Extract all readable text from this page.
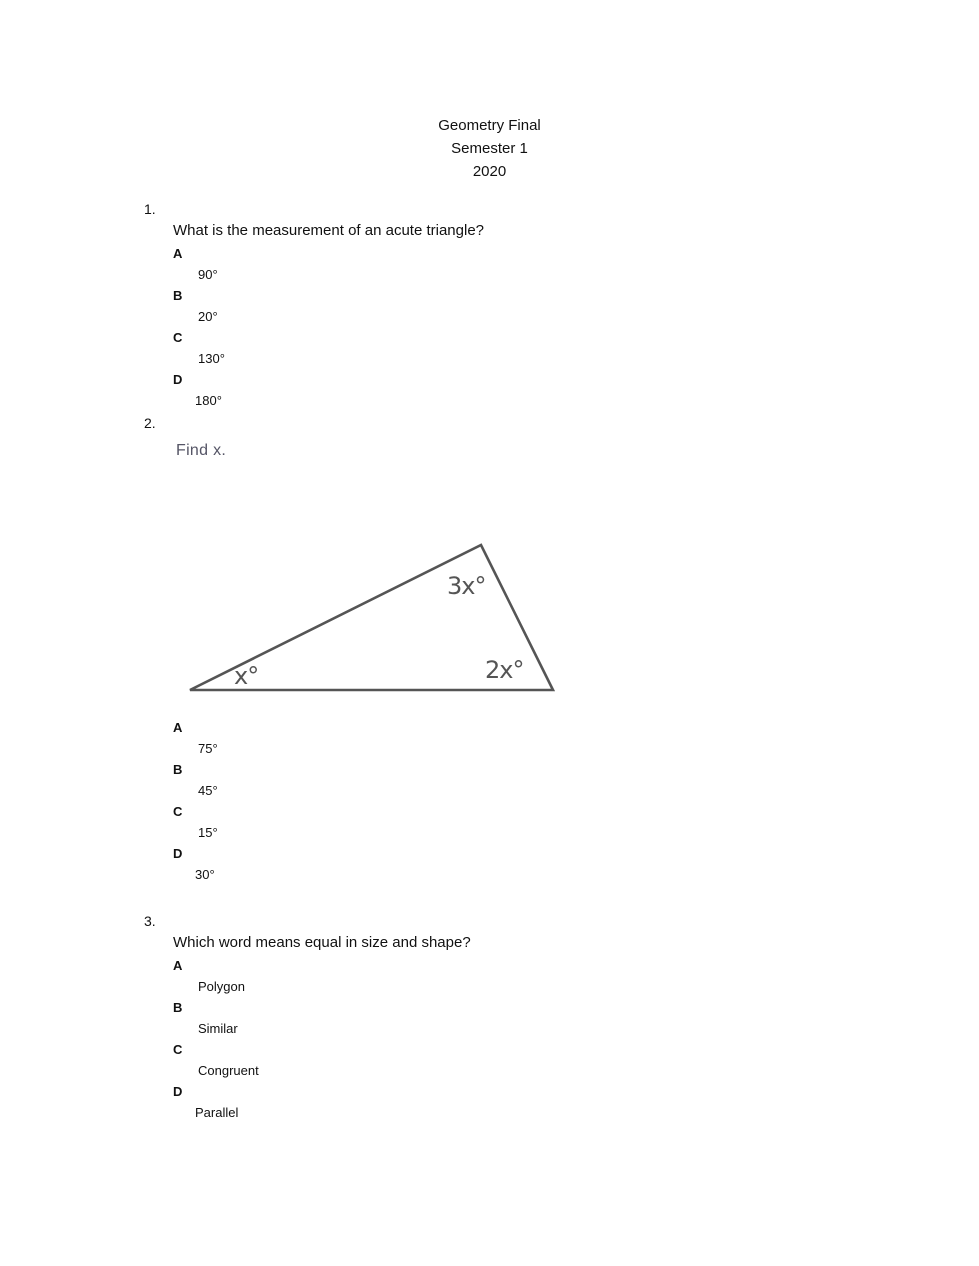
Geometry Final
Semester 1
2020
1.
What is the measurement of an acute triangle?
A
90°
B
20°
C
130°
D
180°
2.
Find x.
x°
3x°
2x°
A
75°
B
45°
C
15°
D
30°
3.
Which word means equal in size and shape?
A
Polygon
B
Similar
C
Congruent
D
Parallel
